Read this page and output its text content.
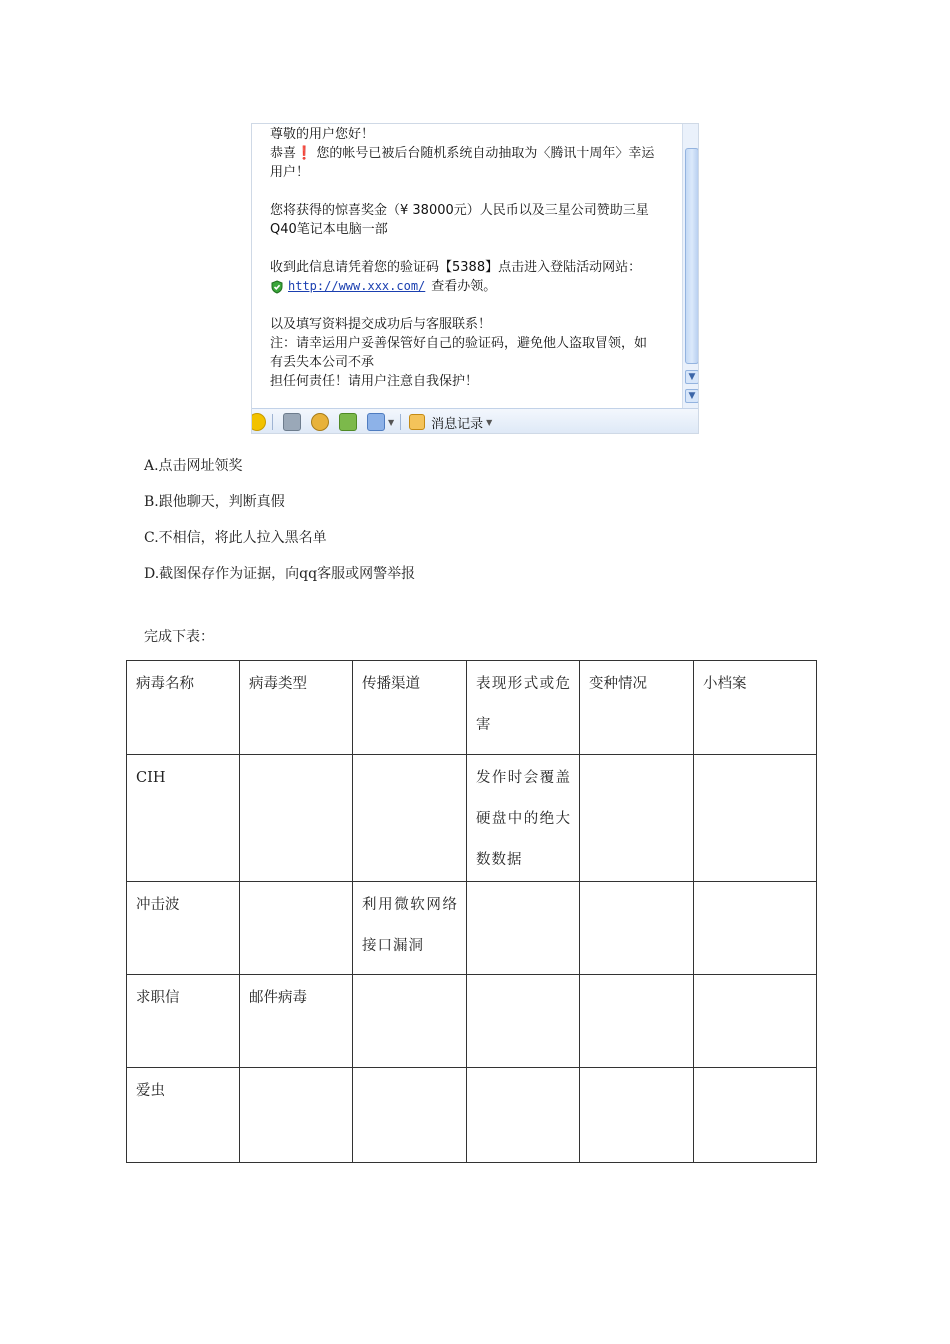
尊敬的用户您好！
恭喜❗ 您的帐号已被后台随机系统自动抽取为〈腾讯十周年〉幸运
用户！
您将获得的惊喜奖金（¥ 38000元）人民币以及三星公司赞助三星
Q40笔记本电脑一部
收到此信息请凭着您的验证码【5388】点击进入登陆活动网站：
http://www.xxx.com/ 查看办领。
以及填写资料提交成功后与客服联系！
注：请幸运用户妥善保管好自己的验证码，避免他人盗取冒领，如
有丢失本公司不承
担任何责任！请用户注意自我保护！	▼
▼
▼	消息记录 ▼
A.点击网址领奖
B.跟他聊天，判断真假
C.不相信，将此人拉入黑名单
D.截图保存作为证据，向qq客服或网警举报
完成下表：
病毒名称	病毒类型	传播渠道	表现形式或危害	变种情况	小档案
CIH			发作时会覆盖硬盘中的绝大数数据		
冲击波		利用微软网络接口漏洞			
求职信	邮件病毒				
爱虫					
